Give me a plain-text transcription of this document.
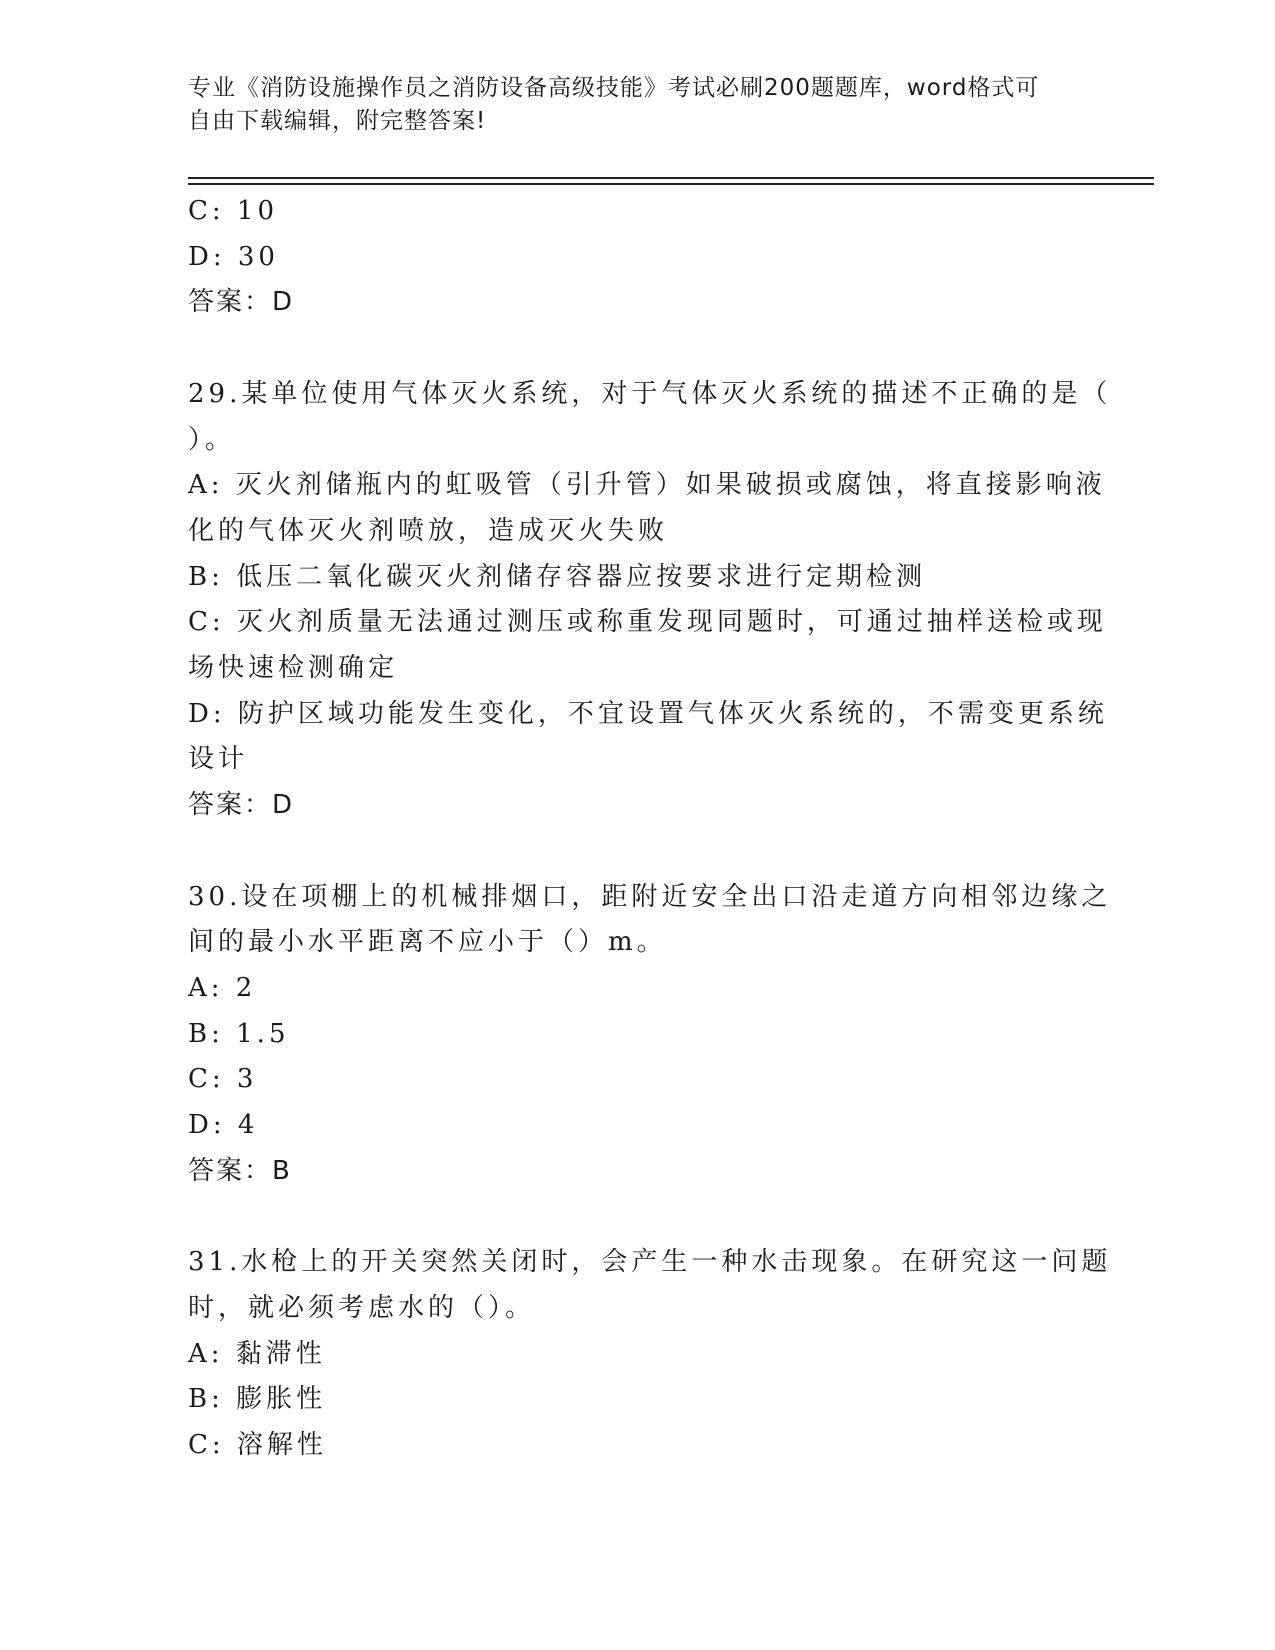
专业《消防设施操作员之消防设备高级技能》考试必刷200题题库，word格式可
自由下载编辑，附完整答案!
C: 10
D: 30
答案：D
29.某单位使用气体灭火系统，对于气体灭火系统的描述不正确的是（
）。
A: 灭火剂储瓶内的虹吸管（引升管）如果破损或腐蚀，将直接影响液
化的气体灭火剂喷放，造成灭火失败
B: 低压二氧化碳灭火剂储存容器应按要求进行定期检测
C: 灭火剂质量无法通过测压或称重发现同题时，可通过抽样送检或现
场快速检测确定
D: 防护区域功能发生变化，不宜设置气体灭火系统的，不需变更系统
设计
答案：D
30.设在项棚上的机械排烟口，距附近安全出口沿走道方向相邻边缘之
间的最小水平距离不应小于（）m。
A: 2
B: 1.5
C: 3
D: 4
答案：B
31.水枪上的开关突然关闭时，会产生一种水击现象。在研究这一问题
时，就必须考虑水的（）。
A: 黏滞性
B: 膨胀性
C: 溶解性
